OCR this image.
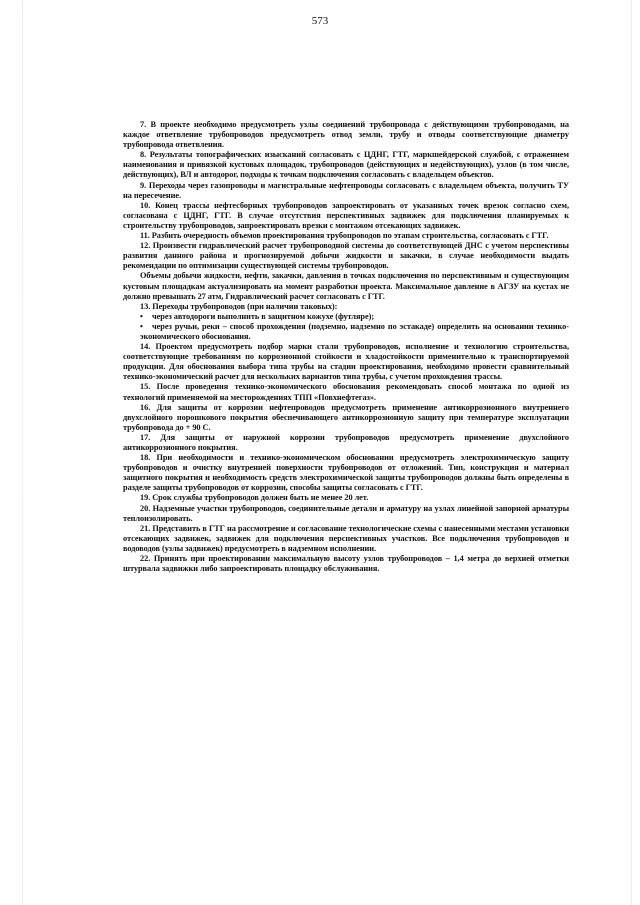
573

7. В проекте необходимо предусмотреть узлы соединений трубопровода с действующими трубопроводами, на каждое ответвление трубопроводов предусмотреть отвод земли, трубу и отводы соответствующие диаметру трубопровода ответвления.

8. Результаты топографических изысканий согласовать с ЦДНГ, ГТГ, маркшейдерской службой, с отражением наименования и привязкой кустовых площадок, трубопроводов (действующих и недействующих), узлов (в том числе, действующих), ВЛ и автодорог, подходы к точкам подключения согласовать с владельцем объектов.

9. Переходы через газопроводы и магистральные нефтепроводы согласовать с владельцем объекта, получить ТУ на пересечение.

10. Конец трассы нефтесборных трубопроводов запроектировать от указанных точек врезок согласно схем, согласована с ЦДНГ, ГТГ. В случае отсутствия перспективных задвижек для подключения планируемых к строительству трубопроводов, запроектировать врезки с монтажом отсекающих задвижек.

11. Разбить очередность объемов проектирования трубопроводов по этапам строительства, согласовать с ГТГ.

12. Произвести гидравлический расчет трубопроводной системы до соответствующей ДНС с учетом перспективы развития данного района и прогнозируемой добычи жидкости и закачки, в случае необходимости выдать рекомендации по оптимизации существующей системы трубопроводов.

Объемы добычи жидкости, нефти, закачки, давления в точках подключения по перспективным и существующим кустовым площадкам актуализировать на момент разработки проекта. Максимальное давление в АГЗУ на кустах не должно превышать 27 атм, Гидравлический расчет согласовать с ГТГ.

13. Переходы трубопроводов (при наличии таковых):

• через автодороги выполнить в защитном кожухе (футляре);

• через ручьи, реки – способ прохождения (подземно, надземно по эстакаде) определить на основании технико-экономического обоснования.

14. Проектом предусмотреть подбор марки стали трубопроводов, исполнение и технологию строительства, соответствующие требованиям по коррозионной стойкости и хладостойкости применительно к транспортируемой продукции. Для обоснования выбора типа трубы на стадии проектирования, необходимо провести сравнительный технико-экономический расчет для нескольких вариантов типа трубы, с учетом прохождения трассы.

15. После проведения технико-экономического обоснования рекомендовать способ монтажа по одной из технологий применяемой на месторождениях ТПП «Повхнефтегаз».

16. Для защиты от коррозии нефтепроводов предусмотреть применение антикоррозионного внутреннего двухслойного порошкового покрытия обеспечивающего антикоррозионную защиту при температуре эксплуатации трубопровода до + 90 С.

17. Для защиты от наружной коррозии трубопроводов предусмотреть применение двухслойного антикоррозионного покрытия.

18. При необходимости и технико-экономическом обосновании предусмотреть электрохимическую защиту трубопроводов и очистку внутренней поверхности трубопроводов от отложений. Тип, конструкция и материал защитного покрытия и необходимость средств электрохимической защиты трубопроводов должны быть определены в разделе защиты трубопроводов от коррозии, способы защиты согласовать с ГТГ.

19. Срок службы трубопроводов должен быть не менее 20 лет.

20. Надземные участки трубопроводов, соединительные детали и арматуру на узлах линейной запорной арматуры теплоизолировать.

21. Представить в ГТГ на рассмотрение и согласование технологические схемы с нанесенными местами установки отсекающих задвижек, задвижек для подключения перспективных участков. Все подключения трубопроводов и водоводов (узлы задвижек) предусмотреть в надземном исполнении.

22. Принять при проектировании максимальную высоту узлов трубопроводов – 1,4 метра до верхней отметки штурвала задвижки либо запроектировать площадку обслуживания.
